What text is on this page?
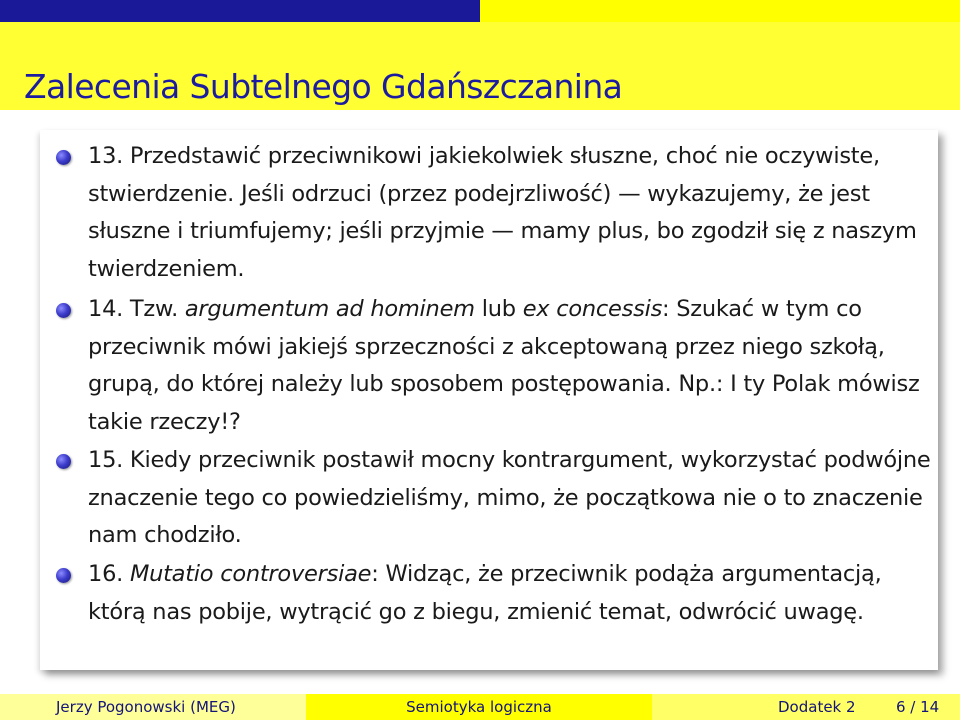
Zalecenia Subtelnego Gdańszczanina

13. Przedstawić przeciwnikowi jakiekolwiek słuszne, choć nie oczywiste, stwierdzenie. Jeśli odrzuci (przez podejrzliwość) — wykazujemy, że jest słuszne i triumfujemy; jeśli przyjmie — mamy plus, bo zgodził się z naszym twierdzeniem.

14. Tzw. argumentum ad hominem lub ex concessis: Szukać w tym co przeciwnik mówi jakiejś sprzeczności z akceptowaną przez niego szkołą, grupą, do której należy lub sposobem postępowania. Np.: I ty Polak mówisz takie rzeczy!?

15. Kiedy przeciwnik postawił mocny kontrargument, wykorzystać podwójne znaczenie tego co powiedzieliśmy, mimo, że początkowa nie o to znaczenie nam chodziło.

16. Mutatio controversiae: Widząc, że przeciwnik podąża argumentacją, którą nas pobije, wytrącić go z biegu, zmienić temat, odwrócić uwagę.

Jerzy Pogonowski (MEG)	Semiotyka logiczna	Dodatek 2	6 / 14
